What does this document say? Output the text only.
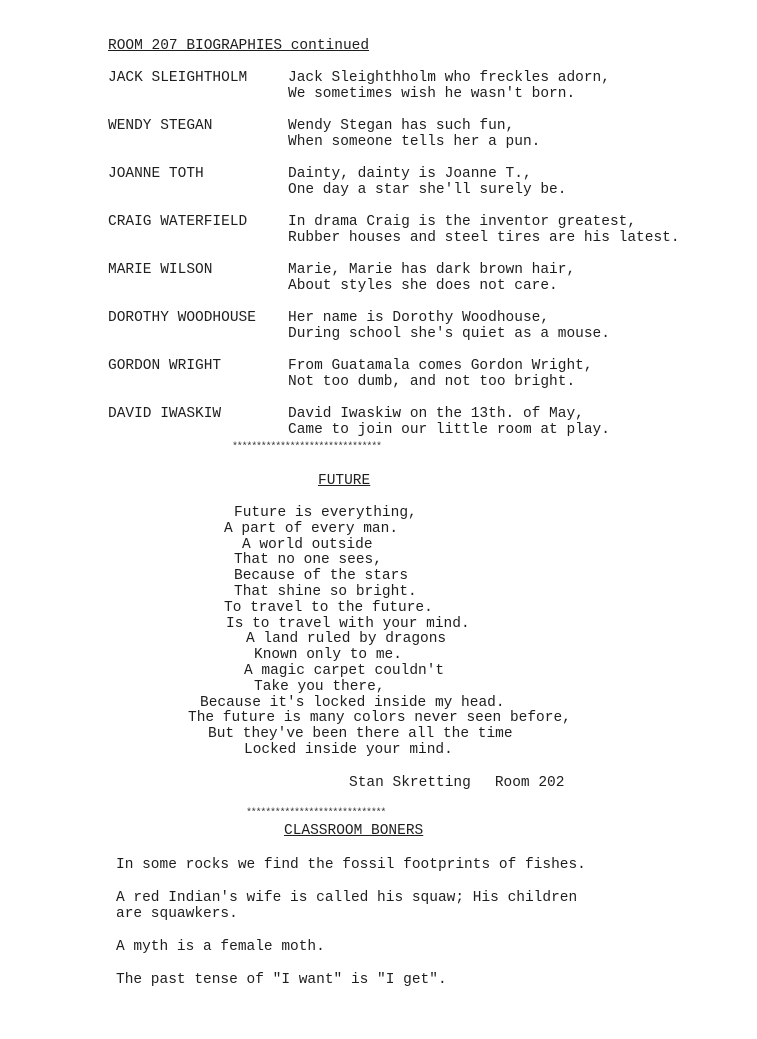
ROOM 207 BIOGRAPHIES continued
JACK SLEIGHTHOLM	Jack Sleighthholm who freckles adorn,
We sometimes wish he wasn't born.
WENDY STEGAN	Wendy Stegan has such fun,
When someone tells her a pun.
JOANNE TOTH	Dainty, dainty is Joanne T.,
One day a star she'll surely be.
CRAIG WATERFIELD	In drama Craig is the inventor greatest,
Rubber houses and steel tires are his latest.
MARIE WILSON	Marie, Marie has dark brown hair,
About styles she does not care.
DOROTHY WOODHOUSE	Her name is Dorothy Woodhouse,
During school she's quiet as a mouse.
GORDON WRIGHT	From Guatamala comes Gordon Wright,
Not too dumb, and not too bright.
DAVID IWASKIW	David Iwaskiw on the 13th. of May,
Came to join our little room at play.
*******************************
FUTURE
Future is everything,
A part of every man.
A world outside
That no one sees,
Because of the stars
That shine so bright.
To travel to the future.
Is to travel with your mind.
A land ruled by dragons
Known only to me.
A magic carpet couldn't
Take you there,
Because it's locked inside my head.
The future is many colors never seen before,
But they've been there all the time
Locked inside your mind.
Stan Skretting Room 202
*****************************
CLASSROOM BONERS
In some rocks we find the fossil footprints of fishes.
A red Indian's wife is called his squaw; His children
are squawkers.
A myth is a female moth.
The past tense of "I want" is "I get".
